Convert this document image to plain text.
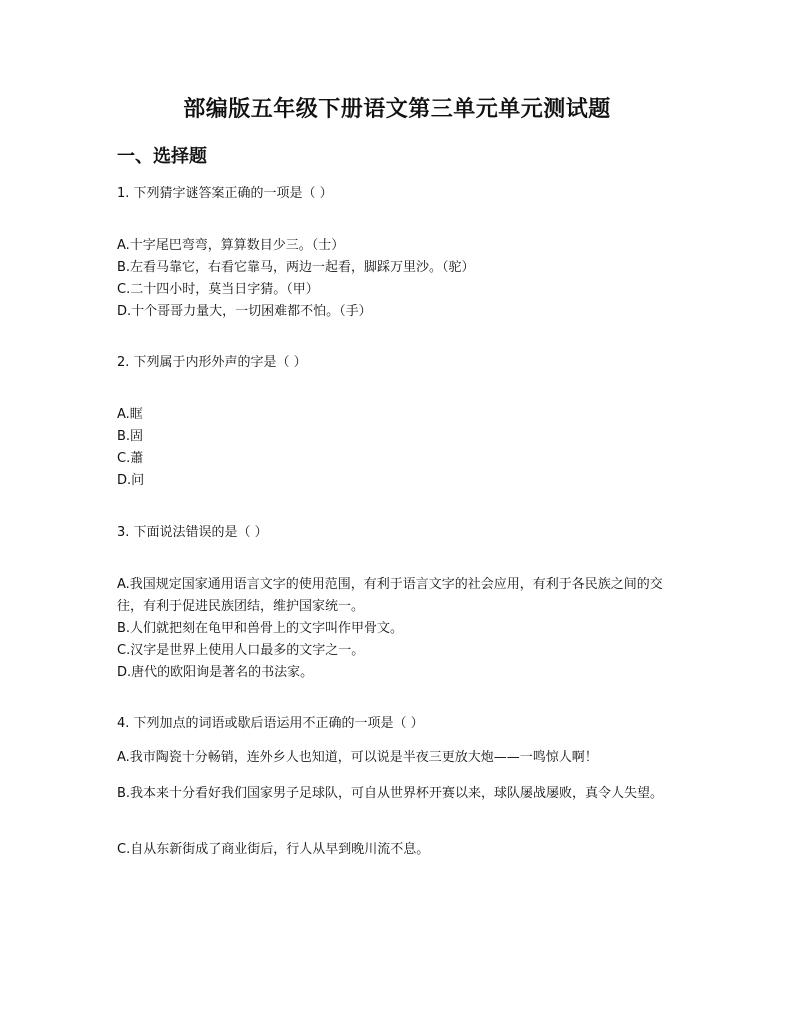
部编版五年级下册语文第三单元单元测试题
一、选择题
1. 下列猜字谜答案正确的一项是（ ）
A.十字尾巴弯弯，算算数目少三。（士）
B.左看马靠它，右看它靠马，两边一起看，脚踩万里沙。（驼）
C.二十四小时，莫当日字猜。（甲）
D.十个哥哥力量大，一切困难都不怕。（手）
2. 下列属于内形外声的字是（ ）
A.眶
B.固
C.蕭
D.问
3. 下面说法错误的是（ ）
A.我国规定国家通用语言文字的使用范围，有利于语言文字的社会应用，有利于各民族之间的交往，有利于促进民族团结，维护国家统一。
B.人们就把刻在龟甲和兽骨上的文字叫作甲骨文。
C.汉字是世界上使用人口最多的文字之一。
D.唐代的欧阳询是著名的书法家。
4. 下列加点的词语或歇后语运用不正确的一项是（ ）
A.我市陶瓷十分畅销，连外乡人也知道，可以说是半夜三更放大炮——一鸣惊人啊！
B.我本来十分看好我们国家男子足球队，可自从世界杯开赛以来，球队屡战屡败，真令人失望。
C.自从东新街成了商业街后，行人从早到晚川流不息。
